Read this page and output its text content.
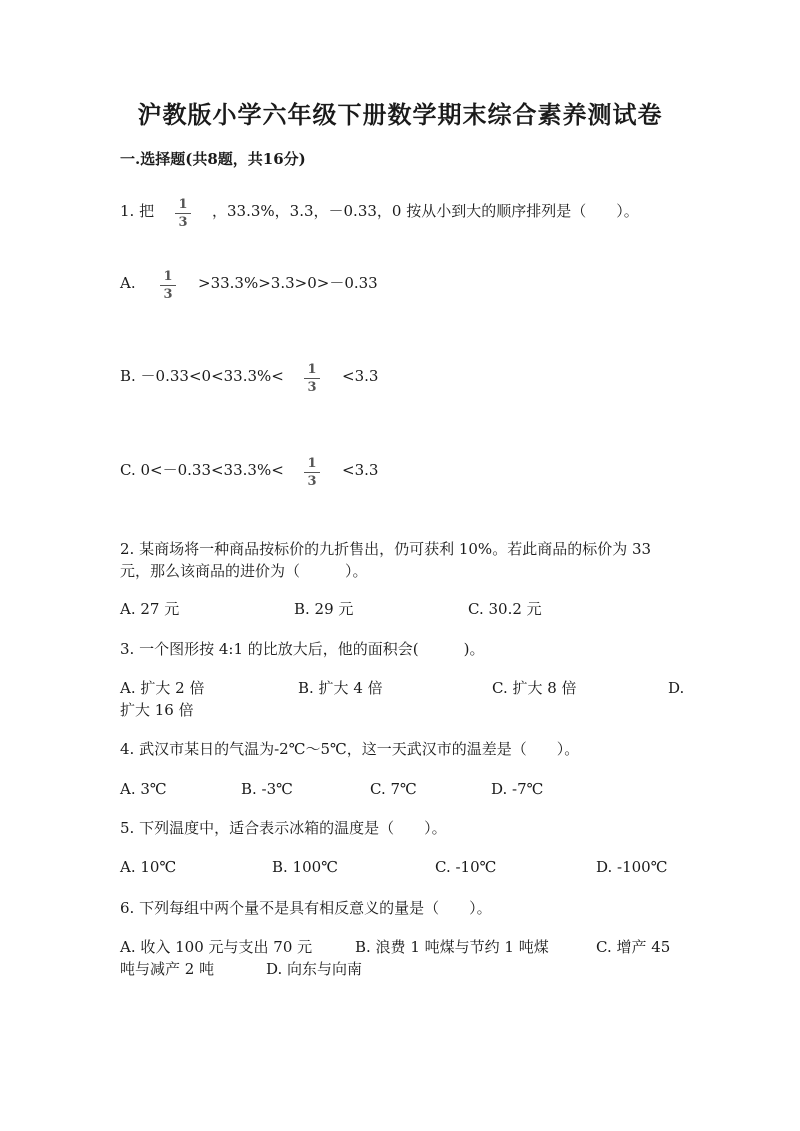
沪教版小学六年级下册数学期末综合素养测试卷
一.选择题(共8题，共16分)
1. 把	1
3
，33.3%，3.3，－0.33，0 按从小到大的顺序排列是（　　）。
A.	1
3
>33.3%>3.3>0>－0.33
B. －0.33<0<33.3%<	1
3
<3.3
C. 0<－0.33<33.3%<	1
3
<3.3
2. 某商场将一种商品按标价的九折售出，仍可获利 10%。若此商品的标价为 33
元，那么该商品的进价为（　　　）。
A. 27 元	B. 29 元	C. 30.2 元
3. 一个图形按 4:1 的比放大后，他的面积会(　　　)。
A. 扩大 2 倍	B. 扩大 4 倍	C. 扩大 8 倍	D.
扩大 16 倍
4. 武汉市某日的气温为-2℃～5℃，这一天武汉市的温差是（　　）。
A. 3℃	B. -3℃	C. 7℃	D. -7℃
5. 下列温度中，适合表示冰箱的温度是（　　）。
A. 10℃	B. 100℃	C. -10℃	D. -100℃
6. 下列每组中两个量不是具有相反意义的量是（　　）。
A. 收入 100 元与支出 70 元	B. 浪费 1 吨煤与节约 1 吨煤	C. 增产 45
吨与减产 2 吨	D. 向东与向南
